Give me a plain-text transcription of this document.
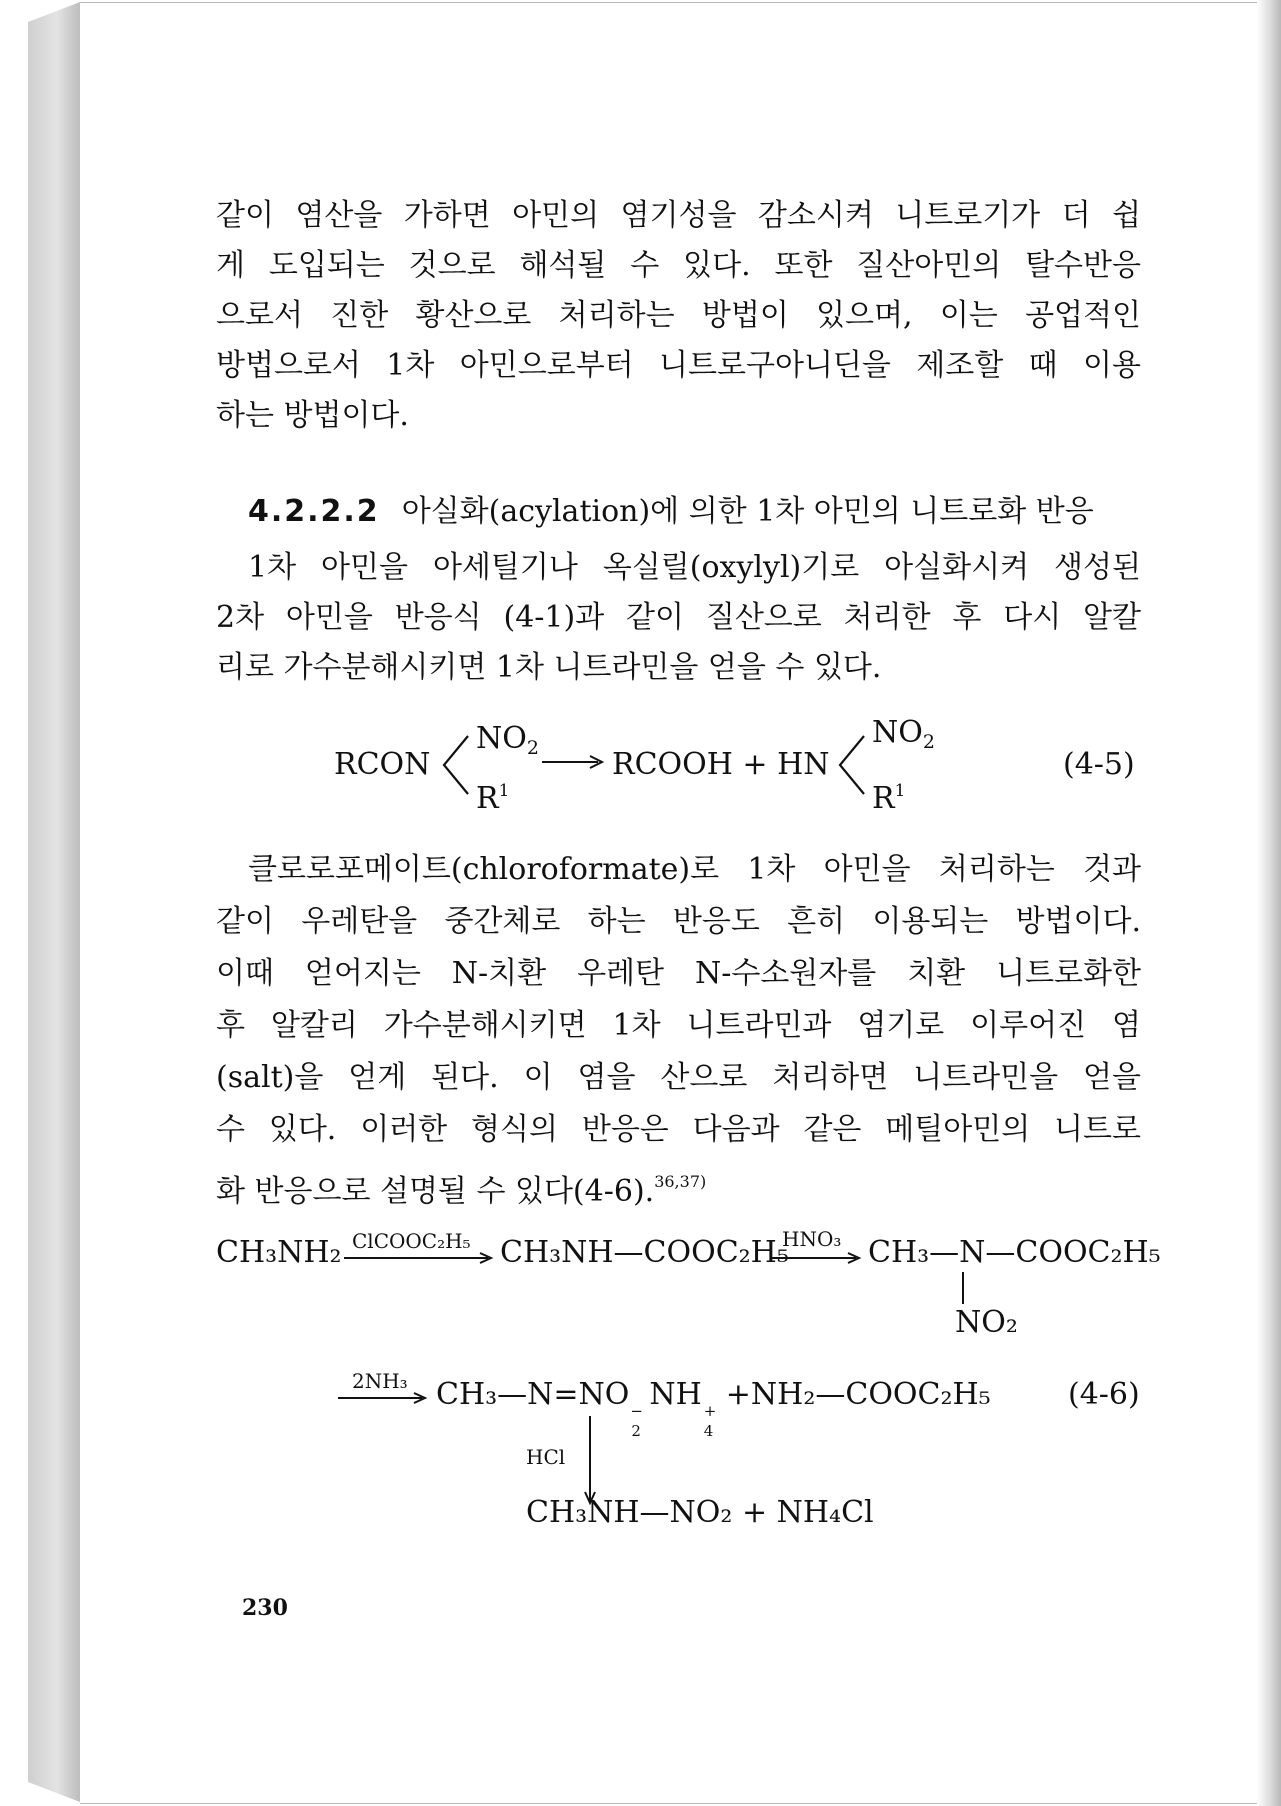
같이 염산을 가하면 아민의 염기성을 감소시켜 니트로기가 더 쉽
게 도입되는 것으로 해석될 수 있다. 또한 질산아민의 탈수반응
으로서 진한 황산으로 처리하는 방법이 있으며, 이는 공업적인
방법으로서 1차 아민으로부터 니트로구아니딘을 제조할 때 이용
하는 방법이다.
4.2.2.2 아실화(acylation)에 의한 1차 아민의 니트로화 반응
1차 아민을 아세틸기나 옥실릴(oxylyl)기로 아실화시켜 생성된
2차 아민을 반응식 (4-1)과 같이 질산으로 처리한 후 다시 알칼
리로 가수분해시키면 1차 니트라민을 얻을 수 있다.
RCON
$NO_2$
$R^1$
RCOOH + HN
$NO_2$
$R^1$
(4-5)
클로로포메이트(chloroformate)로 1차 아민을 처리하는 것과
같이 우레탄을 중간체로 하는 반응도 흔히 이용되는 방법이다.
이때 얻어지는 N-치환 우레탄 N-수소원자를 치환 니트로화한
후 알칼리 가수분해시키면 1차 니트라민과 염기로 이루어진 염
(salt)을 얻게 된다. 이 염을 산으로 처리하면 니트라민을 얻을
수 있다. 이러한 형식의 반응은 다음과 같은 메틸아민의 니트로
화 반응으로 설명될 수 있다(4-6).$^{36,37)}$
CH₃NH₂ ClCOOC₂H₅ CH₃NH—COOC₂H₅
HNO₃ CH₃—N—COOC₂H₅
NO₂
2NH₃ CH₃—N=NO −
2
NH +
4
+NH₂—COOC₂H₅	(4-6)
HCl
CH₃NH—NO₂ + NH₄Cl
230
